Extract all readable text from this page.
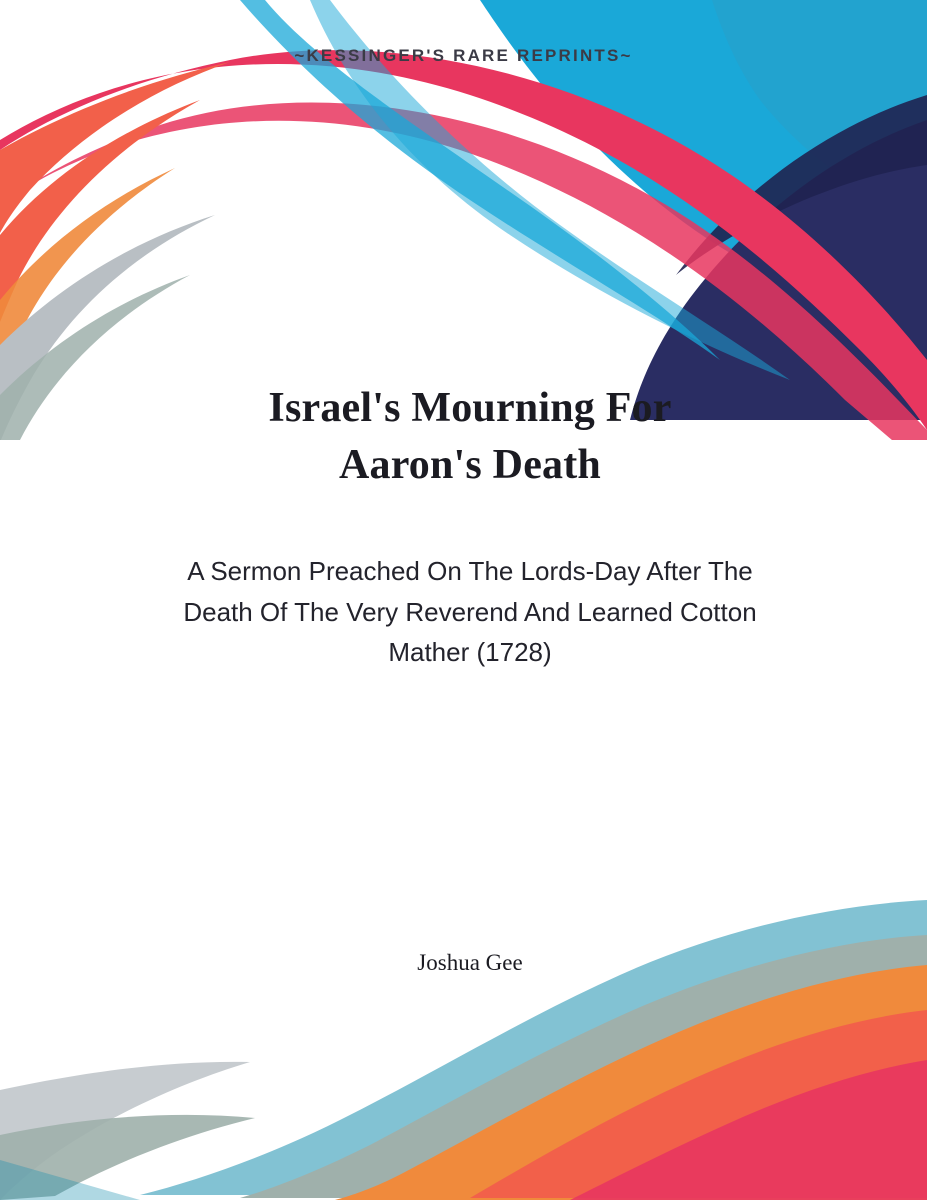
~KESSINGER'S RARE REPRINTS~
Israel's Mourning For
Aaron's Death

A Sermon Preached On The Lords-Day After The Death Of The Very Reverend And Learned Cotton Mather (1728)

Joshua Gee
